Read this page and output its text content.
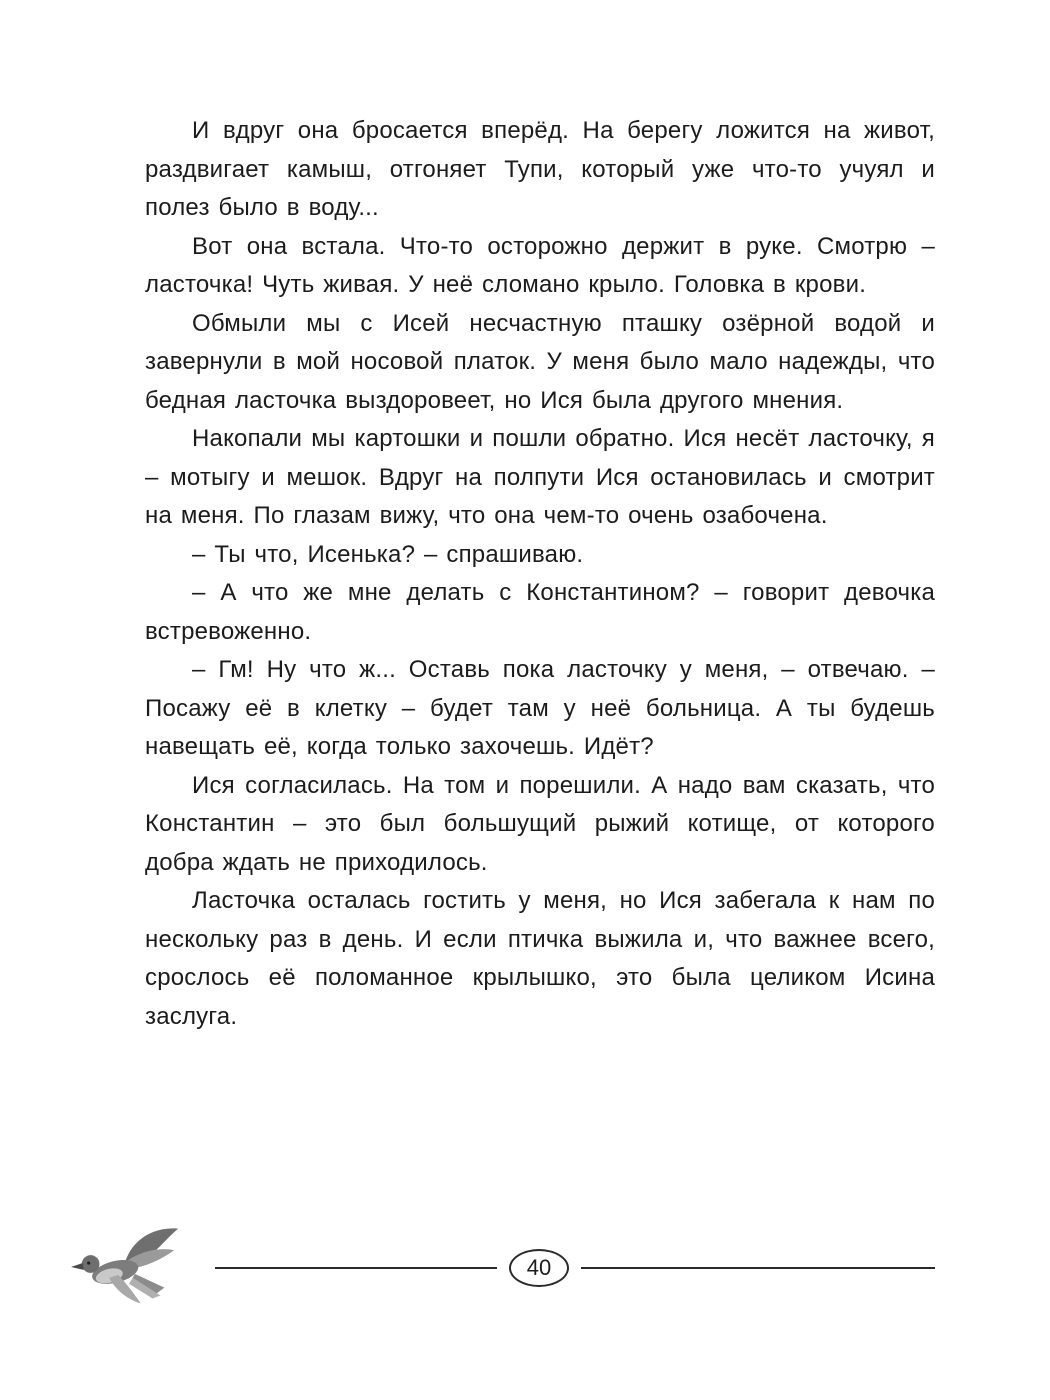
И вдруг она бросается вперёд. На берегу ложится на живот, раздвигает камыш, отгоняет Тупи, который уже что-то учуял и полез было в воду...

Вот она встала. Что-то осторожно держит в руке. Смотрю – ласточка! Чуть живая. У неё сломано крыло. Головка в крови.

Обмыли мы с Исей несчастную пташку озёрной водой и завернули в мой носовой платок. У меня было мало надежды, что бедная ласточка выздоровеет, но Ися была другого мнения.

Накопали мы картошки и пошли обратно. Ися несёт ласточку, я – мотыгу и мешок. Вдруг на полпути Ися остановилась и смотрит на меня. По глазам вижу, что она чем-то очень озабочена.

– Ты что, Исенька? – спрашиваю.

– А что же мне делать с Константином? – говорит девочка встревоженно.

– Гм! Ну что ж... Оставь пока ласточку у меня, – отвечаю. – Посажу её в клетку – будет там у неё больница. А ты будешь навещать её, когда только захочешь. Идёт?

Ися согласилась. На том и порешили. А надо вам сказать, что Константин – это был большущий рыжий котище, от которого добра ждать не приходилось.

Ласточка осталась гостить у меня, но Ися забегала к нам по нескольку раз в день. И если птичка выжила и, что важнее всего, срослось её поломанное крылышко, это была целиком Исина заслуга.

40
